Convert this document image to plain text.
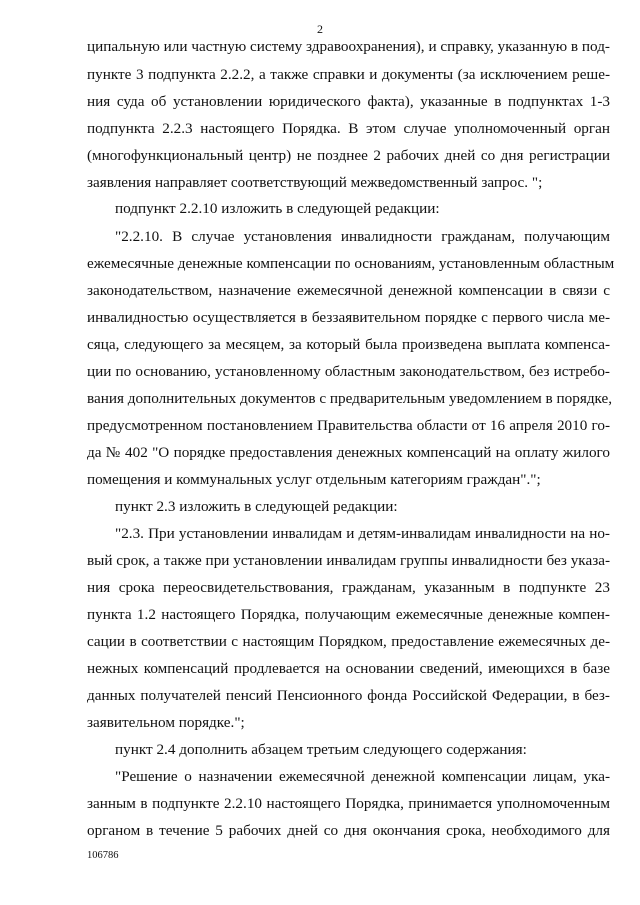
2
ципальную или частную систему здравоохранения), и справку, указанную в под-
пункте 3 подпункта 2.2.2, а также справки и документы (за исключением реше-
ния суда об установлении юридического факта), указанные в подпунктах 1-3
подпункта 2.2.3 настоящего Порядка. В этом случае уполномоченный орган
(многофункциональный центр) не позднее 2 рабочих дней со дня регистрации
заявления направляет соответствующий межведомственный запрос. ";
подпункт 2.2.10 изложить в следующей редакции:
"2.2.10. В случае установления инвалидности гражданам, получающим
ежемесячные денежные компенсации по основаниям, установленным областным
законодательством, назначение ежемесячной денежной компенсации в связи с
инвалидностью осуществляется в беззаявительном порядке с первого числа ме-
сяца, следующего за месяцем, за который была произведена выплата компенса-
ции по основанию, установленному областным законодательством, без истребо-
вания дополнительных документов с предварительным уведомлением в порядке,
предусмотренном постановлением Правительства области от 16 апреля 2010 го-
да № 402 "О порядке предоставления денежных компенсаций на оплату жилого
помещения и коммунальных услуг отдельным категориям граждан".";
пункт 2.3 изложить в следующей редакции:
"2.3. При установлении инвалидам и детям-инвалидам инвалидности на но-
вый срок, а также при установлении инвалидам группы инвалидности без указа-
ния срока переосвидетельствования, гражданам, указанным в подпункте 23
пункта 1.2 настоящего Порядка, получающим ежемесячные денежные компен-
сации в соответствии с настоящим Порядком, предоставление ежемесячных де-
нежных компенсаций продлевается на основании сведений, имеющихся в базе
данных получателей пенсий Пенсионного фонда Российской Федерации, в без-
заявительном порядке.";
пункт 2.4 дополнить абзацем третьим следующего содержания:
"Решение о назначении ежемесячной денежной компенсации лицам, ука-
занным в подпункте 2.2.10 настоящего Порядка, принимается уполномоченным
органом в течение 5 рабочих дней со дня окончания срока, необходимого для
106786
